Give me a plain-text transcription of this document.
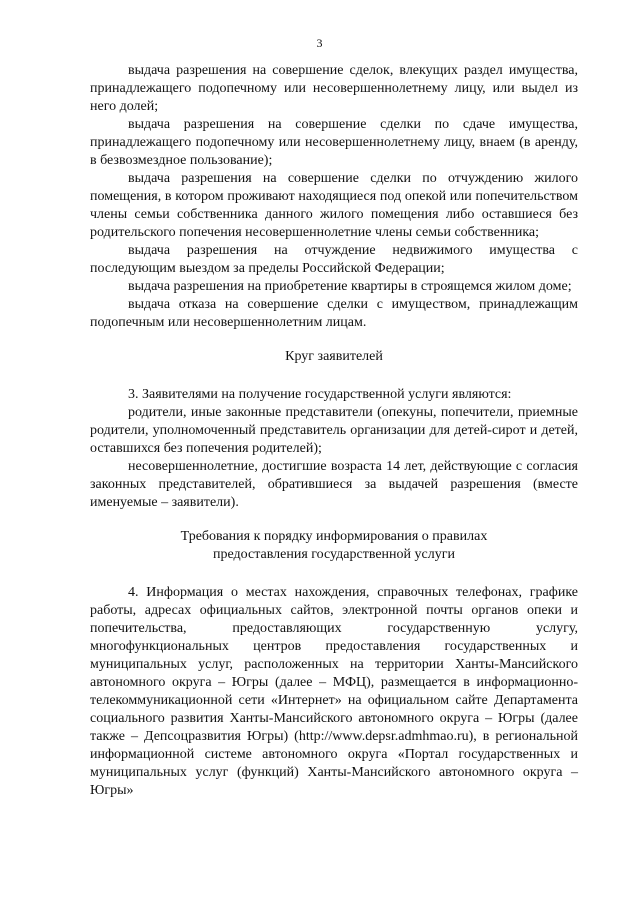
3

выдача разрешения на совершение сделок, влекущих раздел имущества, принадлежащего подопечному или несовершеннолетнему лицу, или выдел из него долей;

выдача разрешения на совершение сделки по сдаче имущества, принадлежащего подопечному или несовершеннолетнему лицу, внаем (в аренду, в безвозмездное пользование);

выдача разрешения на совершение сделки по отчуждению жилого помещения, в котором проживают находящиеся под опекой или попечительством члены семьи собственника данного жилого помещения либо оставшиеся без родительского попечения несовершеннолетние члены семьи собственника;

выдача разрешения на отчуждение недвижимого имущества с последующим выездом за пределы Российской Федерации;

выдача разрешения на приобретение квартиры в строящемся жилом доме;

выдача отказа на совершение сделки с имуществом, принадлежащим подопечным или несовершеннолетним лицам.

Круг заявителей

3. Заявителями на получение государственной услуги являются:

родители, иные законные представители (опекуны, попечители, приемные родители, уполномоченный представитель организации для детей-сирот и детей, оставшихся без попечения родителей);

несовершеннолетние, достигшие возраста 14 лет, действующие с согласия законных представителей, обратившиеся за выдачей разрешения (вместе именуемые – заявители).

Требования к порядку информирования о правилах
предоставления государственной услуги

4. Информация о местах нахождения, справочных телефонах, графике работы, адресах официальных сайтов, электронной почты органов опеки и попечительства, предоставляющих государственную услугу, многофункциональных центров предоставления государственных и муниципальных услуг, расположенных на территории Ханты-Мансийского автономного округа – Югры (далее – МФЦ), размещается в информационно-телекоммуникационной сети «Интернет» на официальном сайте Департамента социального развития Ханты-Мансийского автономного округа – Югры (далее также – Депсоцразвития Югры) (http://www.depsr.admhmao.ru), в региональной информационной системе автономного округа «Портал государственных и муниципальных услуг (функций) Ханты-Мансийского автономного округа – Югры»
